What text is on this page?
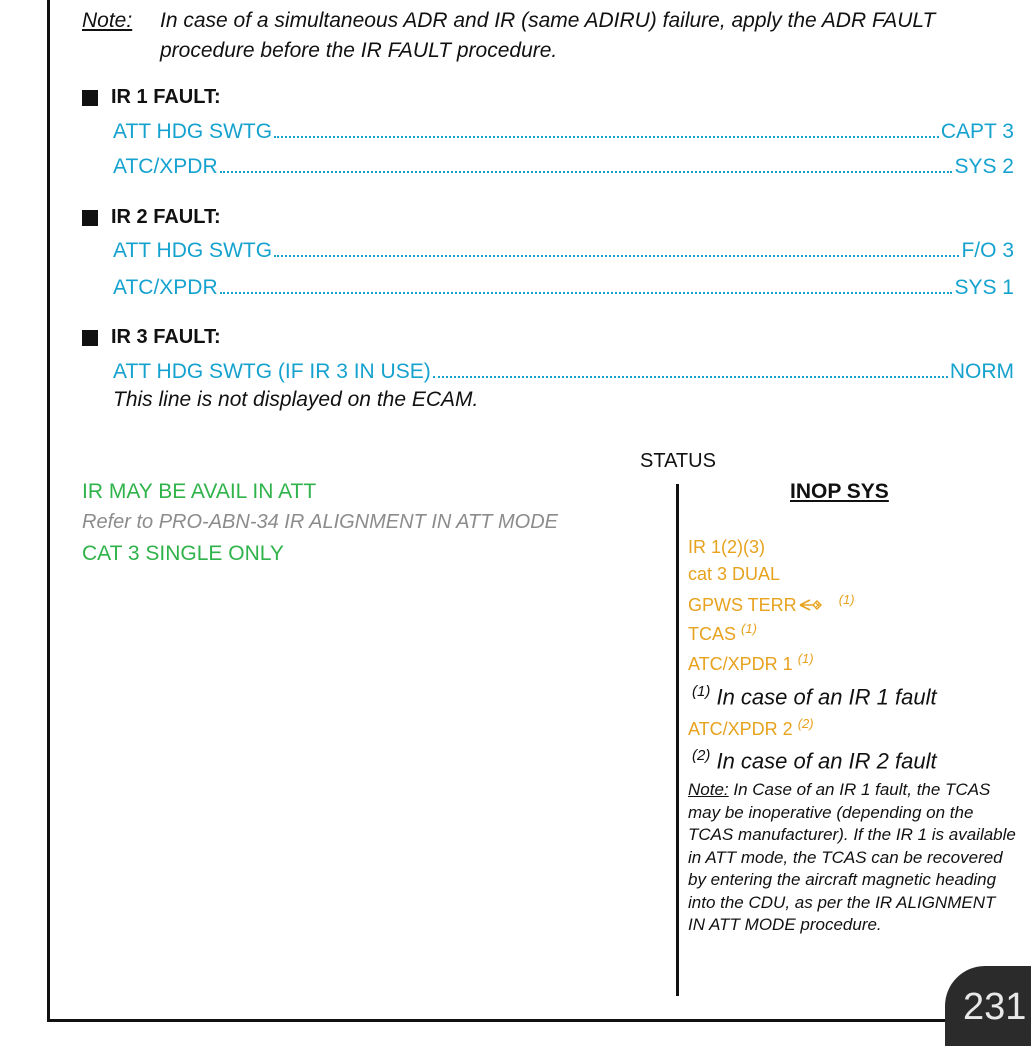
Note: In case of a simultaneous ADR and IR (same ADIRU) failure, apply the ADR FAULT procedure before the IR FAULT procedure.
IR 1 FAULT:
ATT HDG SWTG	CAPT 3
ATC/XPDR	SYS 2
IR 2 FAULT:
ATT HDG SWTG	F/O 3
ATC/XPDR	SYS 1
IR 3 FAULT:
ATT HDG SWTG (IF IR 3 IN USE)	NORM
This line is not displayed on the ECAM.
STATUS
IR MAY BE AVAIL IN ATT
Refer to PRO-ABN-34 IR ALIGNMENT IN ATT MODE
CAT 3 SINGLE ONLY
INOP SYS
IR 1(2)(3)
cat 3 DUAL
GPWS TERR	$^{(1)}$
TCAS $^{(1)}$
ATC/XPDR 1 $^{(1)}$
$^{(1)}$ In case of an IR 1 fault
ATC/XPDR 2 $^{(2)}$
$^{(2)}$ In case of an IR 2 fault
Note: In Case of an IR 1 fault, the TCAS may be inoperative (depending on the TCAS manufacturer). If the IR 1 is available in ATT mode, the TCAS can be recovered by entering the aircraft magnetic heading into the CDU, as per the IR ALIGNMENT IN ATT MODE procedure.
231
